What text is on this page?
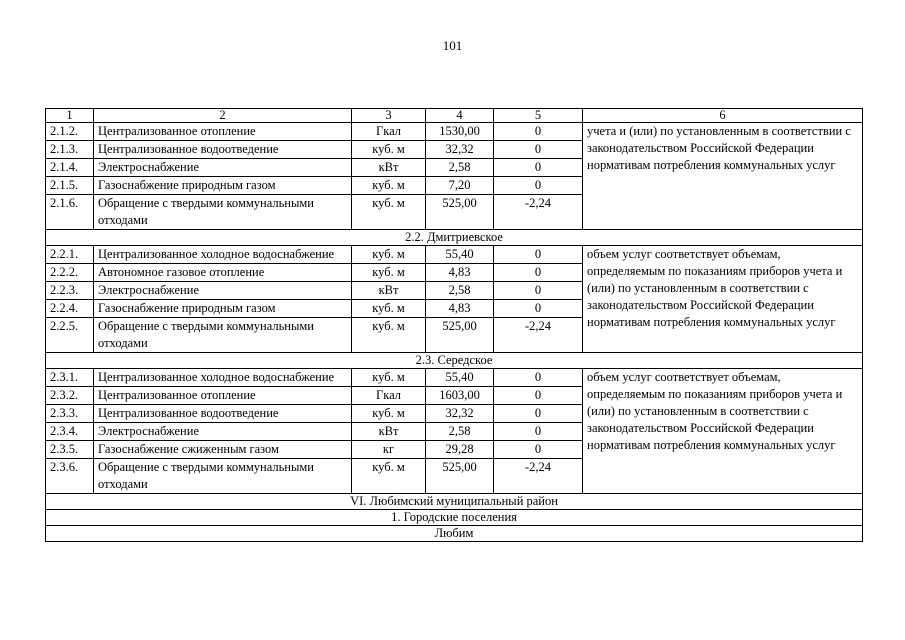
101
1	2	3	4	5	6
2.1.2.	Централизованное отопление	Гкал	1530,00	0	учета и (или) по установленным в соответствии с законодательством Российской Федерации нормативам потребления коммунальных услуг
2.1.3.	Централизованное водоотведение	куб. м	32,32	0	
2.1.4.	Электроснабжение	кВт	2,58	0	
2.1.5.	Газоснабжение природным газом	куб. м	7,20	0	
2.1.6.	Обращение с твердыми коммунальными отходами	куб. м	525,00	-2,24	
2.2. Дмитриевское					
2.2.1.	Централизованное холодное водоснабжение	куб. м	55,40	0	объем услуг соответствует объемам, определяемым по показаниям приборов учета и (или) по установленным в соответствии с законодательством Российской Федерации нормативам потребления коммунальных услуг
2.2.2.	Автономное газовое отопление	куб. м	4,83	0	
2.2.3.	Электроснабжение	кВт	2,58	0	
2.2.4.	Газоснабжение природным газом	куб. м	4,83	0	
2.2.5.	Обращение с твердыми коммунальными отходами	куб. м	525,00	-2,24	
2.3. Середское					
2.3.1.	Централизованное холодное водоснабжение	куб. м	55,40	0	объем услуг соответствует объемам, определяемым по показаниям приборов учета и (или) по установленным в соответствии с законодательством Российской Федерации нормативам потребления коммунальных услуг
2.3.2.	Централизованное отопление	Гкал	1603,00	0	
2.3.3.	Централизованное водоотведение	куб. м	32,32	0	
2.3.4.	Электроснабжение	кВт	2,58	0	
2.3.5.	Газоснабжение сжиженным газом	кг	29,28	0	
2.3.6.	Обращение с твердыми коммунальными отходами	куб. м	525,00	-2,24	
VI. Любимский муниципальный район					
1. Городские поселения					
Любим					
